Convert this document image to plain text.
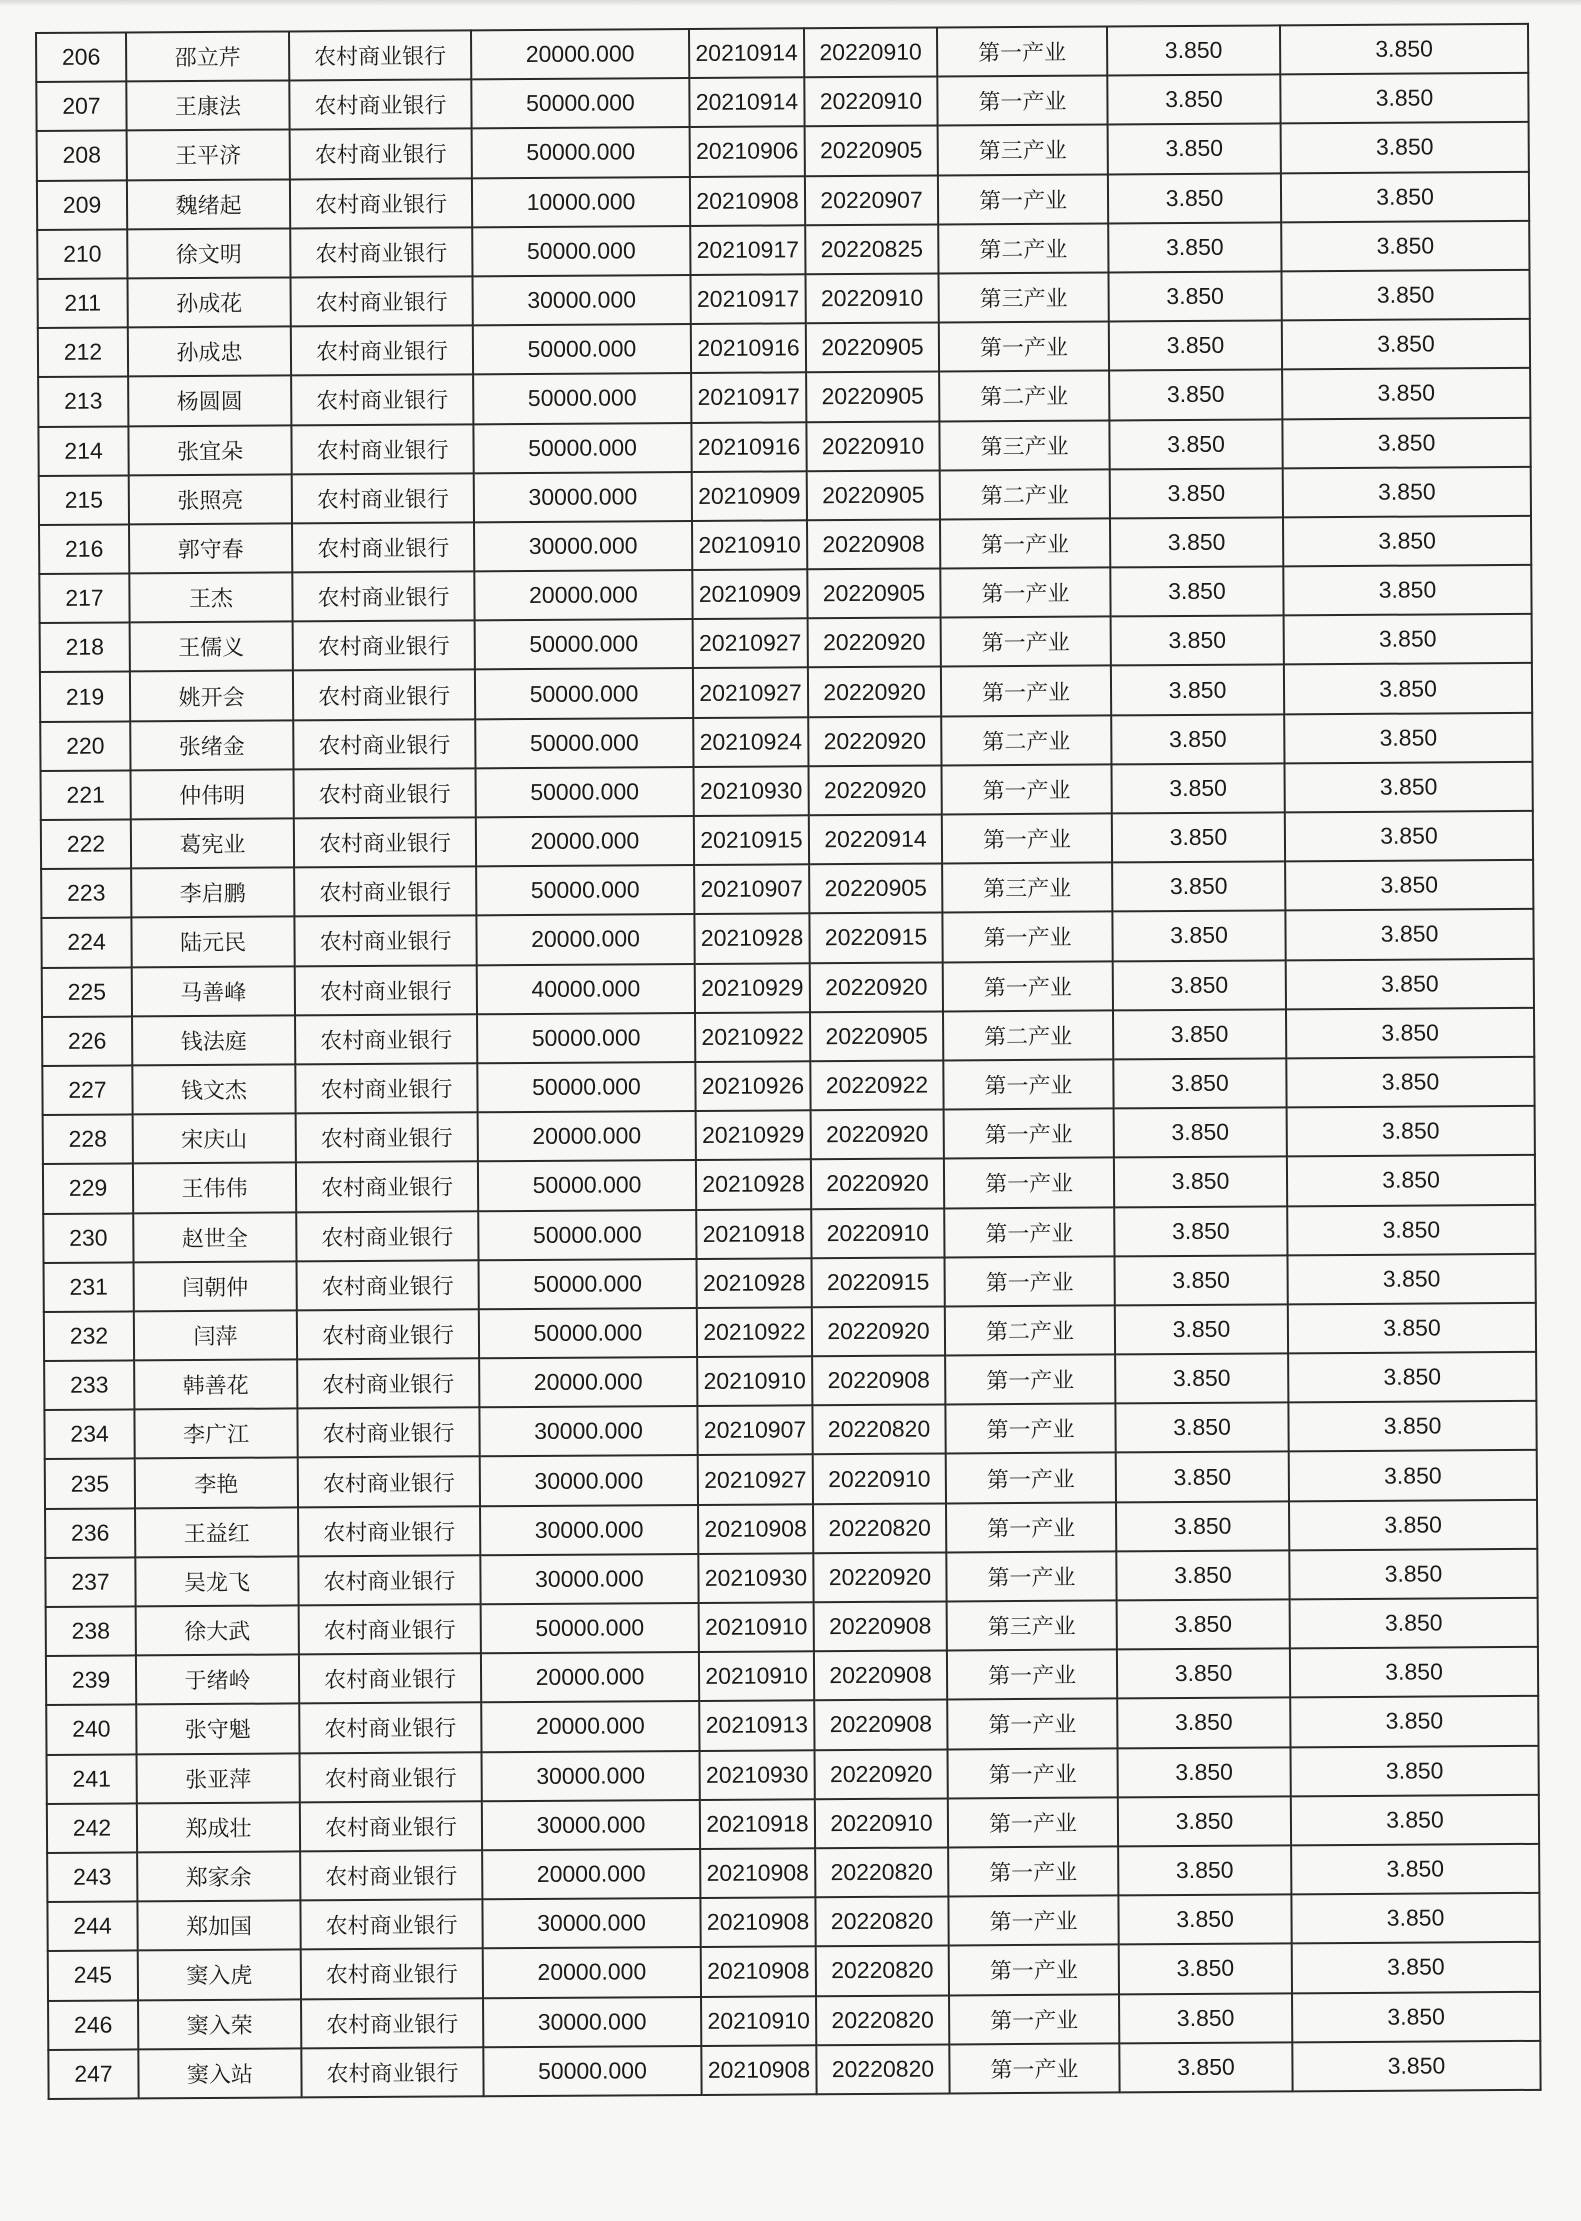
206	邵立芹	农村商业银行	20000.000	20210914	20220910	第一产业	3.850	3.850
207	王康法	农村商业银行	50000.000	20210914	20220910	第一产业	3.850	3.850
208	王平济	农村商业银行	50000.000	20210906	20220905	第三产业	3.850	3.850
209	魏绪起	农村商业银行	10000.000	20210908	20220907	第一产业	3.850	3.850
210	徐文明	农村商业银行	50000.000	20210917	20220825	第二产业	3.850	3.850
211	孙成花	农村商业银行	30000.000	20210917	20220910	第三产业	3.850	3.850
212	孙成忠	农村商业银行	50000.000	20210916	20220905	第一产业	3.850	3.850
213	杨圆圆	农村商业银行	50000.000	20210917	20220905	第二产业	3.850	3.850
214	张宜朵	农村商业银行	50000.000	20210916	20220910	第三产业	3.850	3.850
215	张照亮	农村商业银行	30000.000	20210909	20220905	第二产业	3.850	3.850
216	郭守春	农村商业银行	30000.000	20210910	20220908	第一产业	3.850	3.850
217	王杰	农村商业银行	20000.000	20210909	20220905	第一产业	3.850	3.850
218	王儒义	农村商业银行	50000.000	20210927	20220920	第一产业	3.850	3.850
219	姚开会	农村商业银行	50000.000	20210927	20220920	第一产业	3.850	3.850
220	张绪金	农村商业银行	50000.000	20210924	20220920	第二产业	3.850	3.850
221	仲伟明	农村商业银行	50000.000	20210930	20220920	第一产业	3.850	3.850
222	葛宪业	农村商业银行	20000.000	20210915	20220914	第一产业	3.850	3.850
223	李启鹏	农村商业银行	50000.000	20210907	20220905	第三产业	3.850	3.850
224	陆元民	农村商业银行	20000.000	20210928	20220915	第一产业	3.850	3.850
225	马善峰	农村商业银行	40000.000	20210929	20220920	第一产业	3.850	3.850
226	钱法庭	农村商业银行	50000.000	20210922	20220905	第二产业	3.850	3.850
227	钱文杰	农村商业银行	50000.000	20210926	20220922	第一产业	3.850	3.850
228	宋庆山	农村商业银行	20000.000	20210929	20220920	第一产业	3.850	3.850
229	王伟伟	农村商业银行	50000.000	20210928	20220920	第一产业	3.850	3.850
230	赵世全	农村商业银行	50000.000	20210918	20220910	第一产业	3.850	3.850
231	闫朝仲	农村商业银行	50000.000	20210928	20220915	第一产业	3.850	3.850
232	闫萍	农村商业银行	50000.000	20210922	20220920	第二产业	3.850	3.850
233	韩善花	农村商业银行	20000.000	20210910	20220908	第一产业	3.850	3.850
234	李广江	农村商业银行	30000.000	20210907	20220820	第一产业	3.850	3.850
235	李艳	农村商业银行	30000.000	20210927	20220910	第一产业	3.850	3.850
236	王益红	农村商业银行	30000.000	20210908	20220820	第一产业	3.850	3.850
237	吴龙飞	农村商业银行	30000.000	20210930	20220920	第一产业	3.850	3.850
238	徐大武	农村商业银行	50000.000	20210910	20220908	第三产业	3.850	3.850
239	于绪岭	农村商业银行	20000.000	20210910	20220908	第一产业	3.850	3.850
240	张守魁	农村商业银行	20000.000	20210913	20220908	第一产业	3.850	3.850
241	张亚萍	农村商业银行	30000.000	20210930	20220920	第一产业	3.850	3.850
242	郑成壮	农村商业银行	30000.000	20210918	20220910	第一产业	3.850	3.850
243	郑家余	农村商业银行	20000.000	20210908	20220820	第一产业	3.850	3.850
244	郑加国	农村商业银行	30000.000	20210908	20220820	第一产业	3.850	3.850
245	窦入虎	农村商业银行	20000.000	20210908	20220820	第一产业	3.850	3.850
246	窦入荣	农村商业银行	30000.000	20210910	20220820	第一产业	3.850	3.850
247	窦入站	农村商业银行	50000.000	20210908	20220820	第一产业	3.850	3.850
